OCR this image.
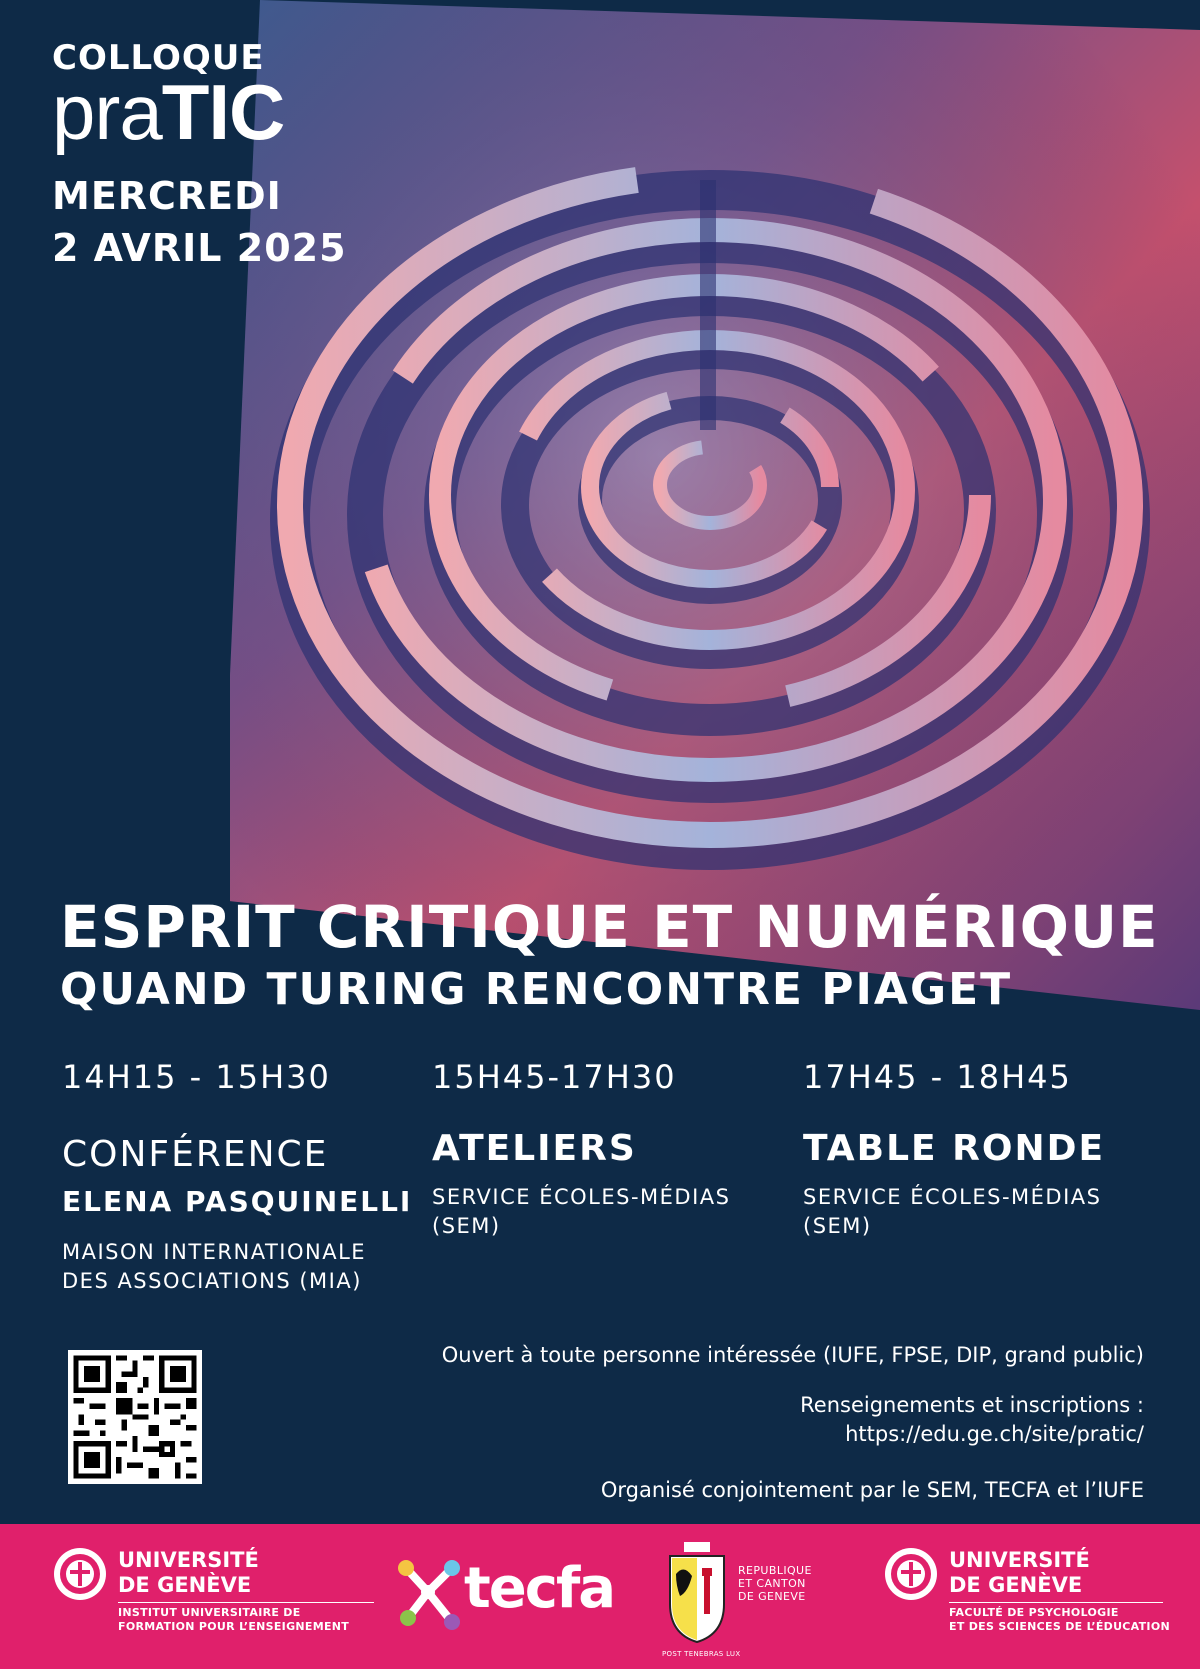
COLLOQUE
praTIC
MERCREDI
2 AVRIL 2025
ESPRIT CRITIQUE ET NUMÉRIQUE
QUAND TURING RENCONTRE PIAGET
14H15 - 15H30
CONFÉRENCE
ELENA PASQUINELLI
MAISON INTERNATIONALE
DES ASSOCIATIONS (MIA)
15H45-17H30
ATELIERS
SERVICE ÉCOLES-MÉDIAS
(SEM)
17H45 - 18H45
TABLE RONDE
SERVICE ÉCOLES-MÉDIAS
(SEM)
Ouvert à toute personne intéressée (IUFE, FPSE, DIP, grand public)
Renseignements et inscriptions :
https://edu.ge.ch/site/pratic/
Organisé conjointement par le SEM, TECFA et l’IUFE
UNIVERSITÉ
DE GENÈVE
INSTITUT UNIVERSITAIRE DE
FORMATION POUR L’ENSEIGNEMENT
tecfa	REPUBLIQUE
ET CANTON
DE GENEVE
POST TENEBRAS LUX
UNIVERSITÉ
DE GENÈVE
FACULTÉ DE PSYCHOLOGIE
ET DES SCIENCES DE L’ÉDUCATION
